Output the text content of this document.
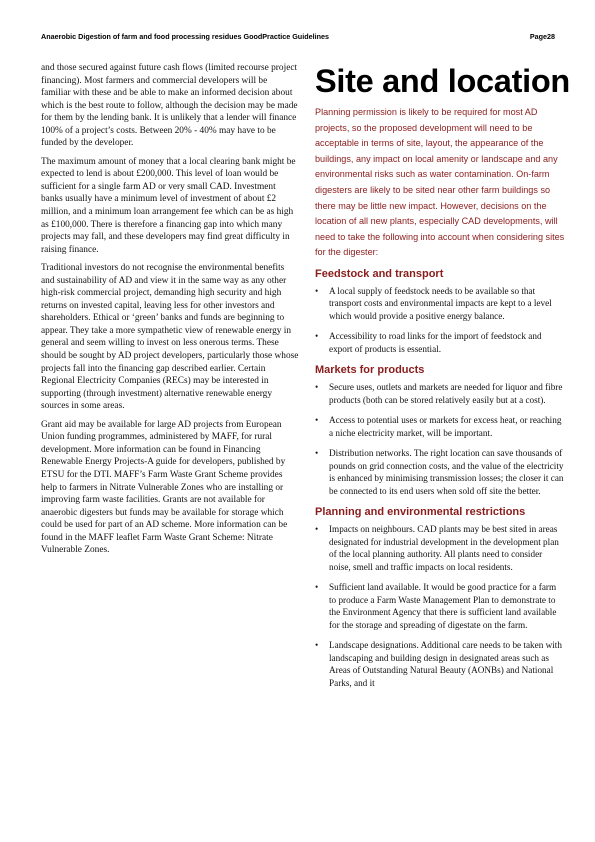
Anaerobic Digestion of farm and food processing residues GoodPractice Guidelines	Page28

and those secured against future cash flows (limited recourse project financing). Most farmers and commercial developers will be familiar with these and be able to make an informed decision about which is the best route to follow, although the decision may be made for them by the lending bank. It is unlikely that a lender will finance 100% of a project’s costs. Between 20% - 40% may have to be funded by the developer.

The maximum amount of money that a local clearing bank might be expected to lend is about £200,000. This level of loan would be sufficient for a single farm AD or very small CAD. Investment banks usually have a minimum level of investment of about £2 million, and a minimum loan arrangement fee which can be as high as £100,000. There is therefore a financing gap into which many projects may fall, and these developers may find great difficulty in raising finance.

Traditional investors do not recognise the environmental benefits and sustainability of AD and view it in the same way as any other high-risk commercial project, demanding high security and high returns on invested capital, leaving less for other investors and shareholders. Ethical or ‘green’ banks and funds are beginning to appear. They take a more sympathetic view of renewable energy in general and seem willing to invest on less onerous terms. These should be sought by AD project developers, particularly those whose projects fall into the financing gap described earlier. Certain Regional Electricity Companies (RECs) may be interested in supporting (through investment) alternative renewable energy sources in some areas.

Grant aid may be available for large AD projects from European Union funding programmes, administered by MAFF, for rural development. More information can be found in Financing Renewable Energy Projects-A guide for developers, published by ETSU for the DTI. MAFF’s Farm Waste Grant Scheme provides help to farmers in Nitrate Vulnerable Zones who are installing or improving farm waste facilities. Grants are not available for anaerobic digesters but funds may be available for storage which could be used for part of an AD scheme. More information can be found in the MAFF leaflet Farm Waste Grant Scheme: Nitrate Vulnerable Zones.

Site and location

Planning permission is likely to be required for most AD projects, so the proposed development will need to be acceptable in terms of site, layout, the appearance of the buildings, any impact on local amenity or landscape and any environmental risks such as water contamination. On-farm digesters are likely to be sited near other farm buildings so there may be little new impact. However, decisions on the location of all new plants, especially CAD developments, will need to take the following into account when considering sites for the digester:

Feedstock and transport
• A local supply of feedstock needs to be available so that transport costs and environmental impacts are kept to a level which would provide a positive energy balance.
• Accessibility to road links for the import of feedstock and export of products is essential.
Markets for products
• Secure uses, outlets and markets are needed for liquor and fibre products (both can be stored relatively easily but at a cost).
• Access to potential uses or markets for excess heat, or reaching a niche electricity market, will be important.
• Distribution networks. The right location can save thousands of pounds on grid connection costs, and the value of the electricity is enhanced by minimising transmission losses; the closer it can be connected to its end users when sold off site the better.
Planning and environmental restrictions
• Impacts on neighbours. CAD plants may be best sited in areas designated for industrial development in the development plan of the local planning authority. All plants need to consider noise, smell and traffic impacts on local residents.
• Sufficient land available. It would be good practice for a farm to produce a Farm Waste Management Plan to demonstrate to the Environment Agency that there is sufficient land available for the storage and spreading of digestate on the farm.
• Landscape designations. Additional care needs to be taken with landscaping and building design in designated areas such as Areas of Outstanding Natural Beauty (AONBs) and National Parks, and it
